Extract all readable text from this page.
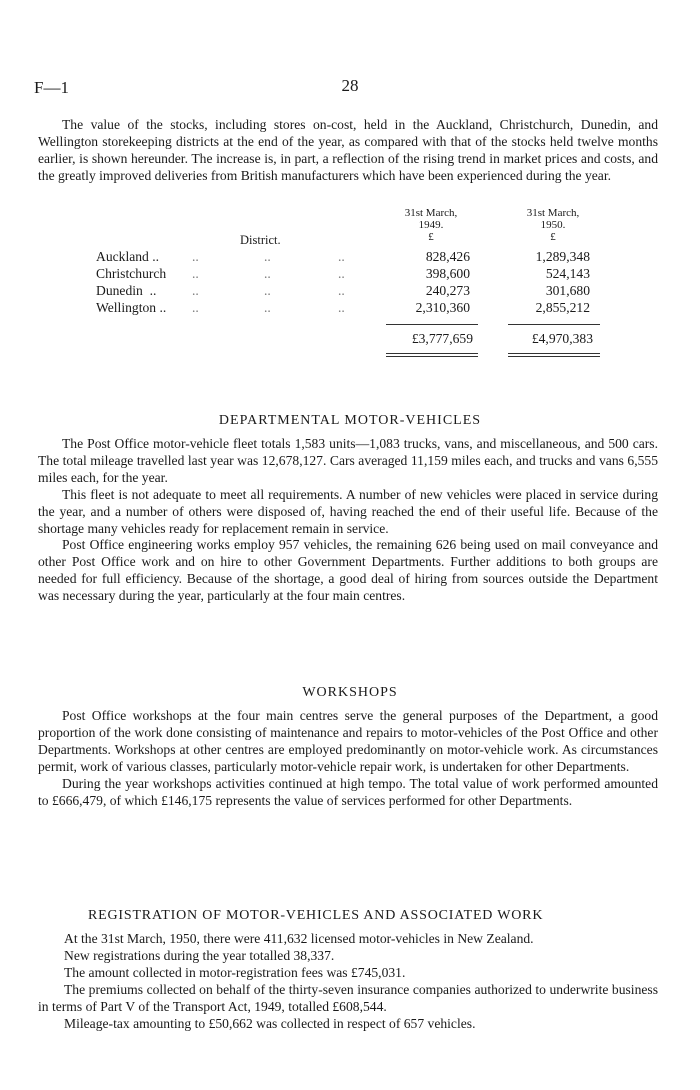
F—1	28

The value of the stocks, including stores on-cost, held in the Auckland, Christchurch, Dunedin, and Wellington storekeeping districts at the end of the year, as compared with that of the stocks held twelve months earlier, is shown hereunder. The increase is, in part, a reflection of the rising trend in market prices and costs, and the greatly improved deliveries from British manufacturers which have been experienced during the year.

31st March,
1949.
£
31st March,
1950.
£
District.
Auckland ..	..	..	..	828,426	1,289,348
Christchurch	..	..	..	398,600	524,143
Dunedin  ..	..	..	..	240,273	301,680
Wellington ..	..	..	..	2,310,360	2,855,212
£3,777,659	£4,970,383
DEPARTMENTAL MOTOR-VEHICLES

The Post Office motor-vehicle fleet totals 1,583 units—1,083 trucks, vans, and miscellaneous, and 500 cars. The total mileage travelled last year was 12,678,127. Cars averaged 11,159 miles each, and trucks and vans 6,555 miles each, for the year.

This fleet is not adequate to meet all requirements. A number of new vehicles were placed in service during the year, and a number of others were disposed of, having reached the end of their useful life. Because of the shortage many vehicles ready for replacement remain in service.

Post Office engineering works employ 957 vehicles, the remaining 626 being used on mail conveyance and other Post Office work and on hire to other Government Departments. Further additions to both groups are needed for full efficiency. Because of the shortage, a good deal of hiring from sources outside the Department was necessary during the year, particularly at the four main centres.

WORKSHOPS

Post Office workshops at the four main centres serve the general purposes of the Department, a good proportion of the work done consisting of maintenance and repairs to motor-vehicles of the Post Office and other Departments. Workshops at other centres are employed predominantly on motor-vehicle work. As circumstances permit, work of various classes, particularly motor-vehicle repair work, is undertaken for other Departments.

During the year workshops activities continued at high tempo. The total value of work performed amounted to £666,479, of which £146,175 represents the value of services performed for other Departments.

REGISTRATION OF MOTOR-VEHICLES AND ASSOCIATED WORK

At the 31st March, 1950, there were 411,632 licensed motor-vehicles in New Zealand.

New registrations during the year totalled 38,337.

The amount collected in motor-registration fees was £745,031.

The premiums collected on behalf of the thirty-seven insurance companies authorized to underwrite business in terms of Part V of the Transport Act, 1949, totalled £608,544.

Mileage-tax amounting to £50,662 was collected in respect of 657 vehicles.
